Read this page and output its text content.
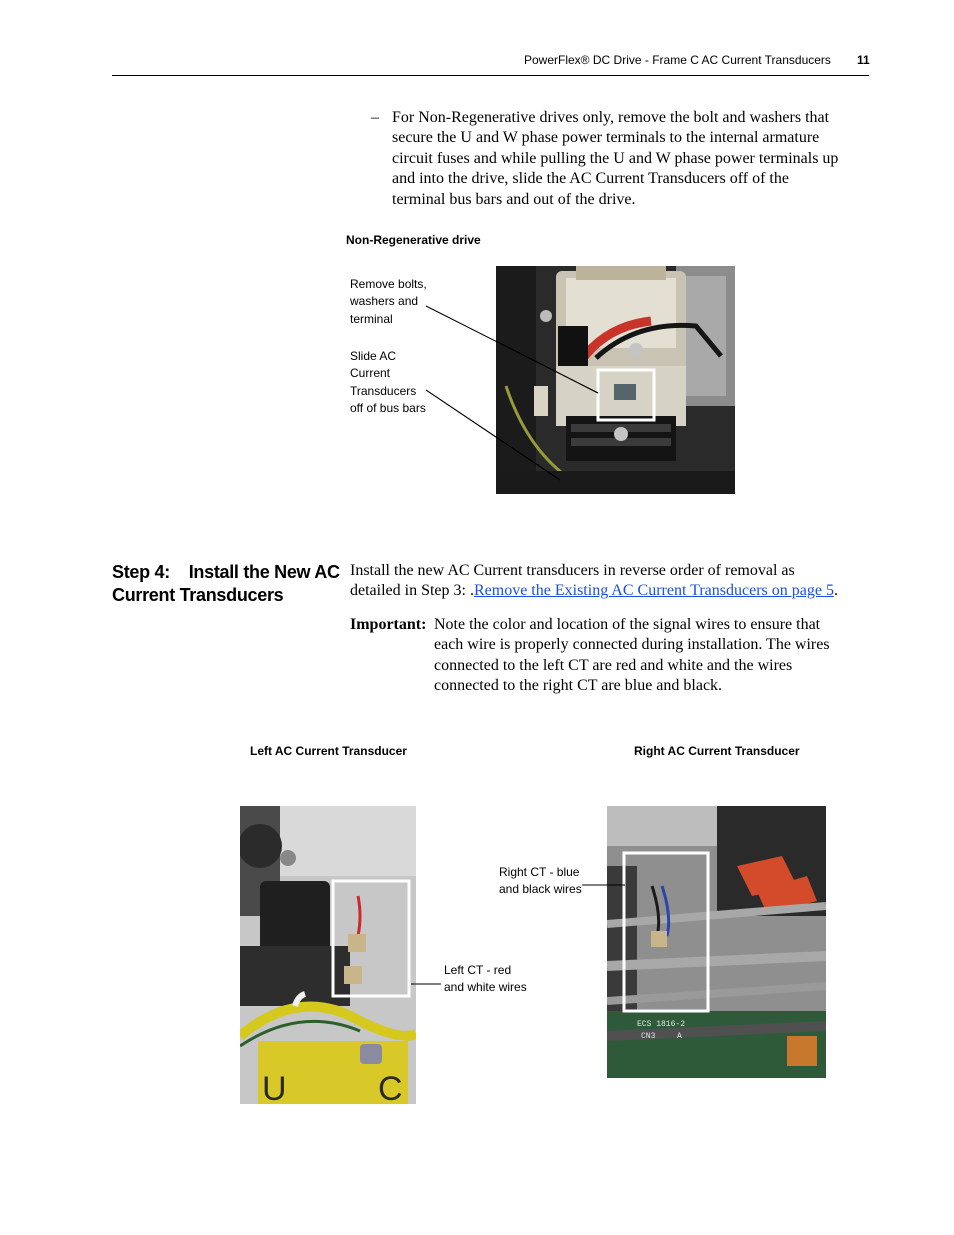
PowerFlex® DC Drive - Frame C AC Current Transducers 11
– For Non-Regenerative drives only, remove the bolt and washers that
secure the U and W phase power terminals to the internal armature
circuit fuses and while pulling the U and W phase power terminals up
and into the drive, slide the AC Current Transducers off of the
terminal bus bars and out of the drive.
Non-Regenerative drive
Remove bolts,
washers and
terminal
Slide AC
Current
Transducers
off of bus bars
Step 4:    Install the New AC
Current Transducers
Install the new AC Current transducers in reverse order of removal as
detailed in Step 3: .Remove the Existing AC Current Transducers on page 5.
Important: Note the color and location of the signal wires to ensure that
each wire is properly connected during installation. The wires
connected to the left CT are red and white and the wires
connected to the right CT are blue and black.
Left AC Current Transducer	Right AC Current Transducer
U	C
Left CT - red
and white wires
ECS 1816-2
CN3	A
Right CT - blue
and black wires
